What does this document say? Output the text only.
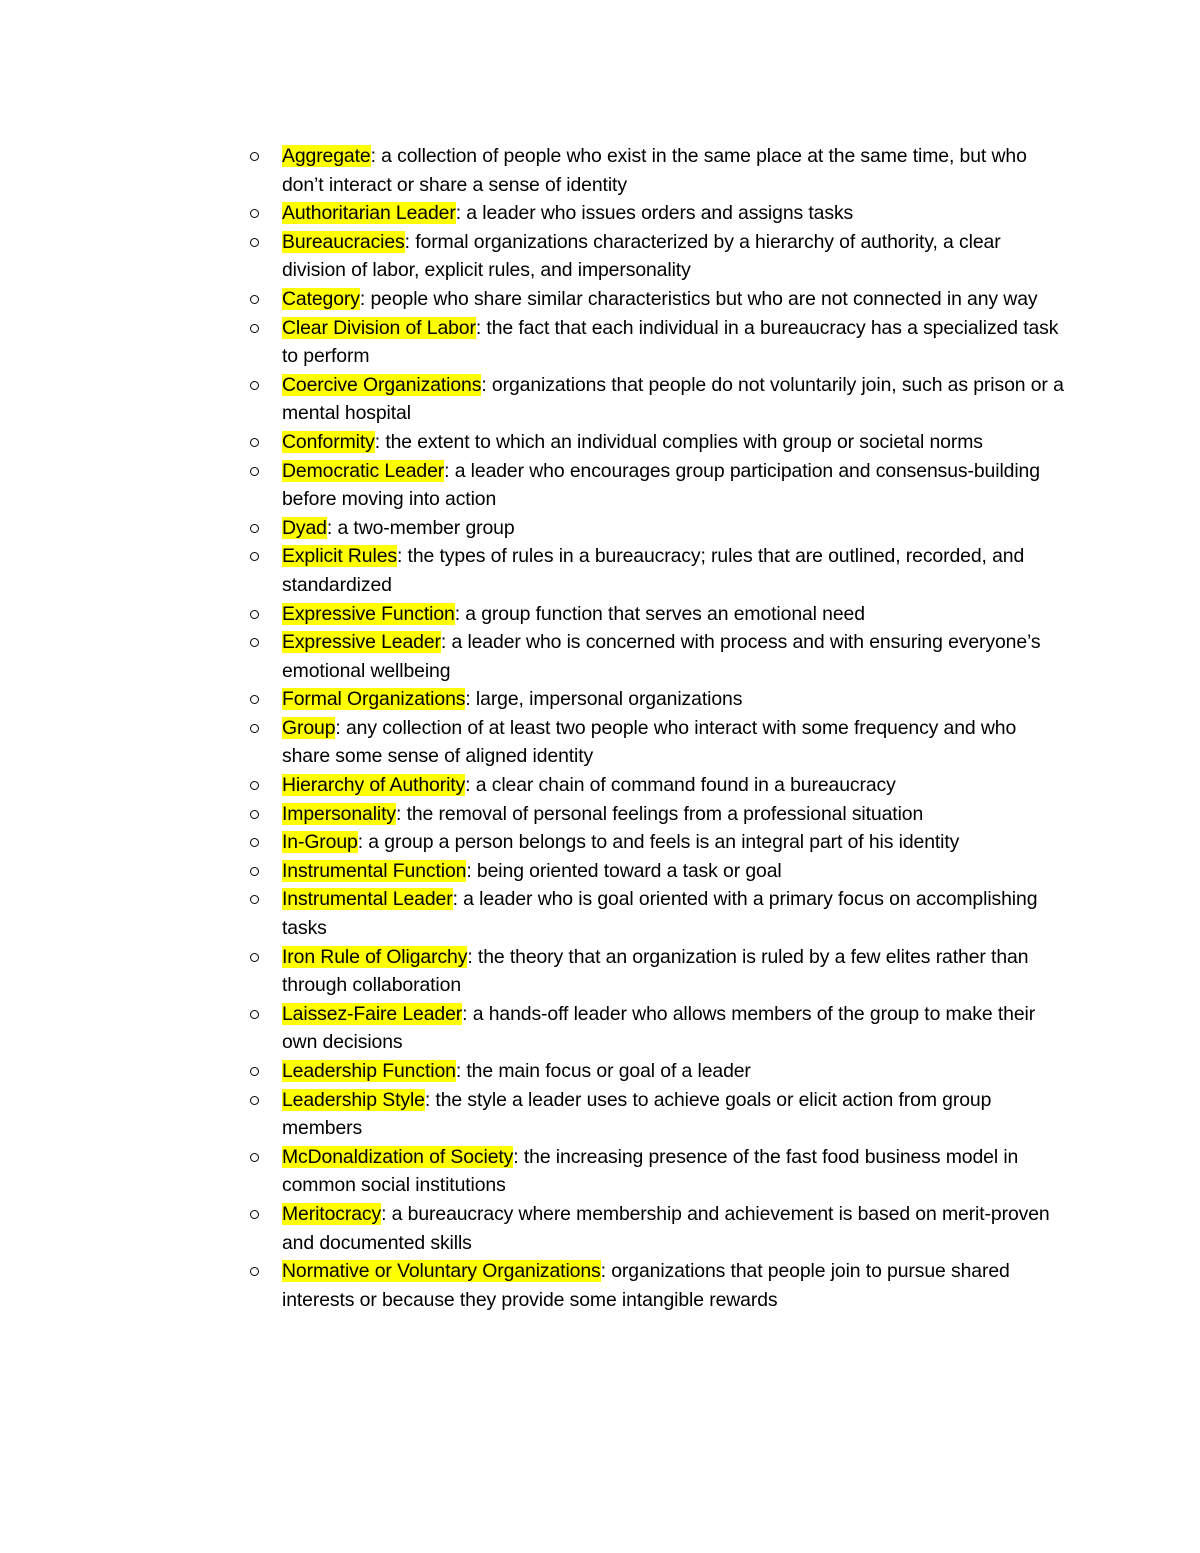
Aggregate: a collection of people who exist in the same place at the same time, but who don’t interact or share a sense of identity
Authoritarian Leader: a leader who issues orders and assigns tasks
Bureaucracies: formal organizations characterized by a hierarchy of authority, a clear division of labor, explicit rules, and impersonality
Category: people who share similar characteristics but who are not connected in any way
Clear Division of Labor: the fact that each individual in a bureaucracy has a specialized task to perform
Coercive Organizations: organizations that people do not voluntarily join, such as prison or a mental hospital
Conformity: the extent to which an individual complies with group or societal norms
Democratic Leader: a leader who encourages group participation and consensus-building before moving into action
Dyad: a two-member group
Explicit Rules: the types of rules in a bureaucracy; rules that are outlined, recorded, and standardized
Expressive Function: a group function that serves an emotional need
Expressive Leader: a leader who is concerned with process and with ensuring everyone’s emotional wellbeing
Formal Organizations: large, impersonal organizations
Group: any collection of at least two people who interact with some frequency and who share some sense of aligned identity
Hierarchy of Authority: a clear chain of command found in a bureaucracy
Impersonality: the removal of personal feelings from a professional situation
In-Group: a group a person belongs to and feels is an integral part of his identity
Instrumental Function: being oriented toward a task or goal
Instrumental Leader: a leader who is goal oriented with a primary focus on accomplishing tasks
Iron Rule of Oligarchy: the theory that an organization is ruled by a few elites rather than through collaboration
Laissez-Faire Leader: a hands-off leader who allows members of the group to make their own decisions
Leadership Function: the main focus or goal of a leader
Leadership Style: the style a leader uses to achieve goals or elicit action from group members
McDonaldization of Society: the increasing presence of the fast food business model in common social institutions
Meritocracy: a bureaucracy where membership and achievement is based on merit-proven and documented skills
Normative or Voluntary Organizations: organizations that people join to pursue shared interests or because they provide some intangible rewards
